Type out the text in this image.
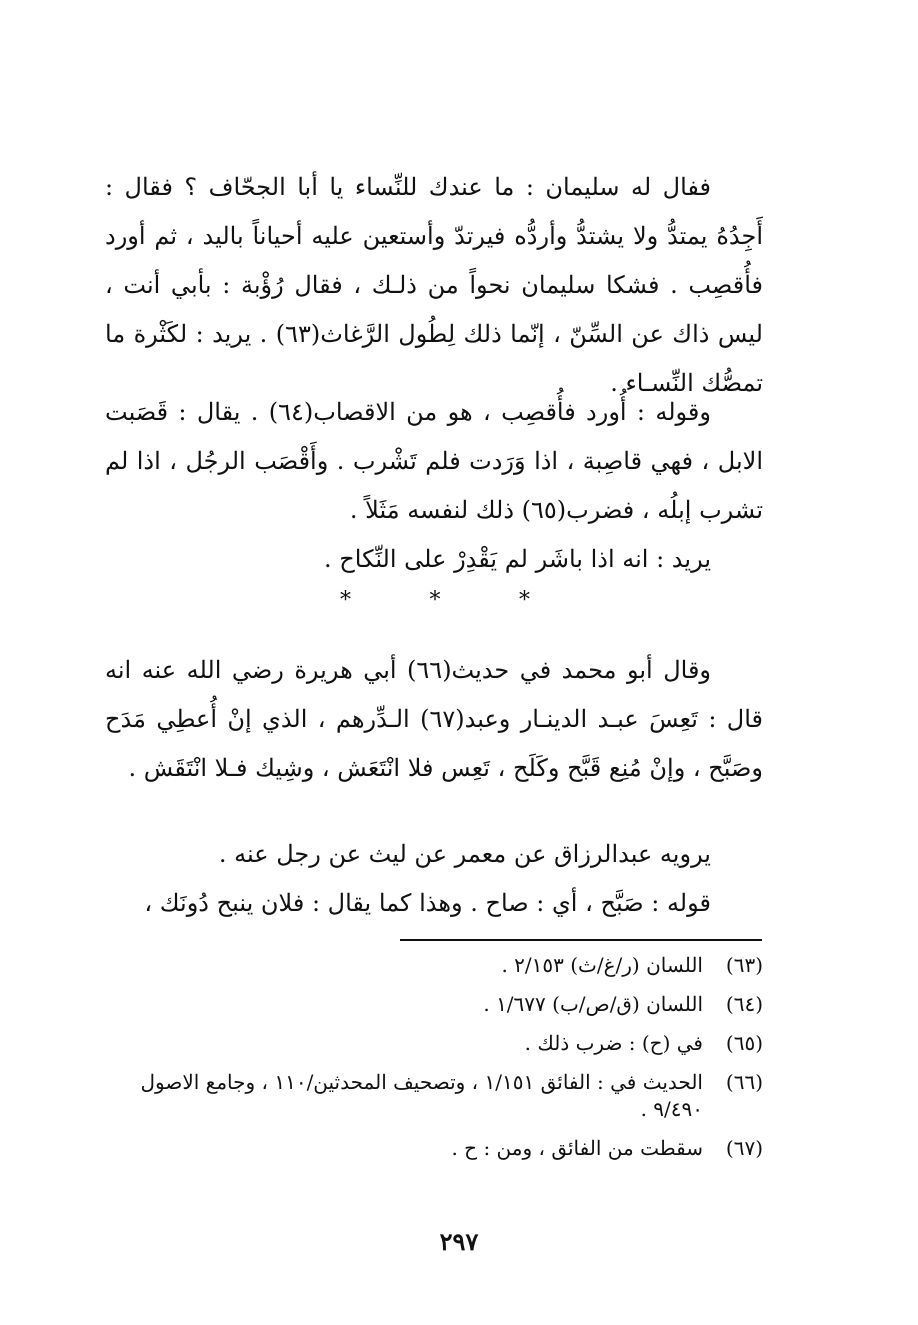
ففال له سليمان : ما عندك للنِّساء يا أبا الجحّاف ؟ فقال : أَجِدُهُ يمتدُّ ولا يشتدُّ وأردُّه فيرتدّ وأستعين عليه أحياناً باليد ، ثم أورد فأُقصِب . فشكا سليمان نحواً من ذلـك ، فقال رُؤْبة : بأبي أنت ، ليس ذاك عن السِّنّ ، إنّما ذلك لِطُول الرَّغاث(٦٣) . يريد : لكَثْرة ما تمصُّك النِّسـاء .

وقوله : أُورد فأُقصِب ، هو من الاقصاب(٦٤) . يقال : قَصَبت الابل ، فهي قاصِبة ، اذا وَرَدت فلم تَشْرب . وأَقْصَب الرجُل ، اذا لم تشرب إبلُه ، فضرب(٦٥) ذلك لنفسه مَثَلاً .

يريد : انه اذا باشَر لم يَقْدِرْ على النِّكاح .

*	*	*

وقال أبو محمد في حديث(٦٦) أبي هريرة رضي الله عنه انه قال : تَعِسَ عبـد الدينـار وعبد(٦٧) الـدِّرهم ، الذي إنْ أُعطِي مَدَح وصَبَّح ، وإنْ مُنِع قَبَّح وكَلَح ، تَعِس فلا انْتَعَش ، وشِيك فـلا انْتَقَش .

يرويه عبدالرزاق عن معمر عن ليث عن رجل عنه .

قوله : صَبَّح ، أي : صاح . وهذا كما يقال : فلان ينبح دُونَك ،

(٦٣)
اللسان (ر/غ/ث) ٢/١٥٣ .
(٦٤)
اللسان (ق/ص/ب) ١/٦٧٧ .
(٦٥)
في (ح) : ضرب ذلك .
(٦٦)
الحديث في : الفائق ١/١٥١ ، وتصحيف المحدثين/١١٠ ، وجامع الاصول ٩/٤٩٠ .
(٦٧)
سقطت من الفائق ، ومن : ح .
٢٩٧
